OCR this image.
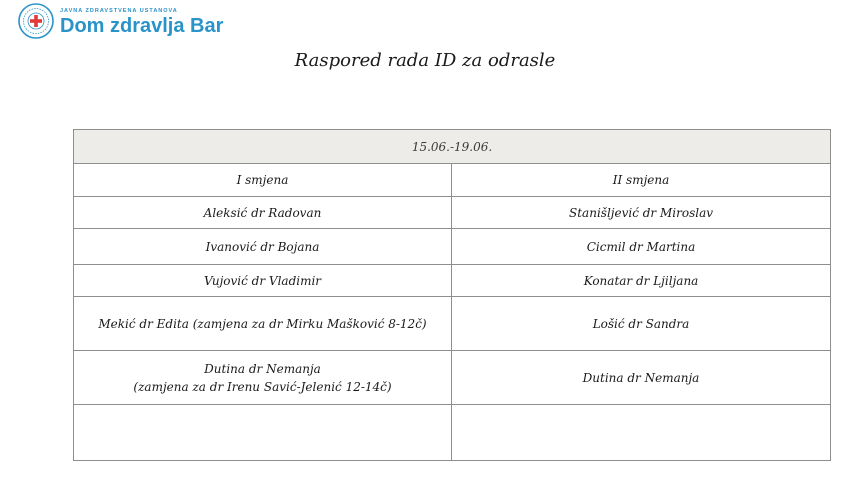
JAVNA ZDRAVSTVENA USTANOVA
Dom zdravlja Bar
Raspored rada ID za odrasle
15.06.-19.06.	
I smjena	II smjena
Aleksić dr Radovan	Stanišljević dr Miroslav
Ivanović dr Bojana	Cicmil dr Martina
Vujović dr Vladimir	Konatar dr Ljiljana
Mekić dr Edita (zamjena za dr Mirku Mašković 8-12č)	Lošić dr Sandra

Dutina dr Nemanja
(zamjena za dr Irenu Savić-Jelenić 12-14č)	Dutina dr Nemanja
